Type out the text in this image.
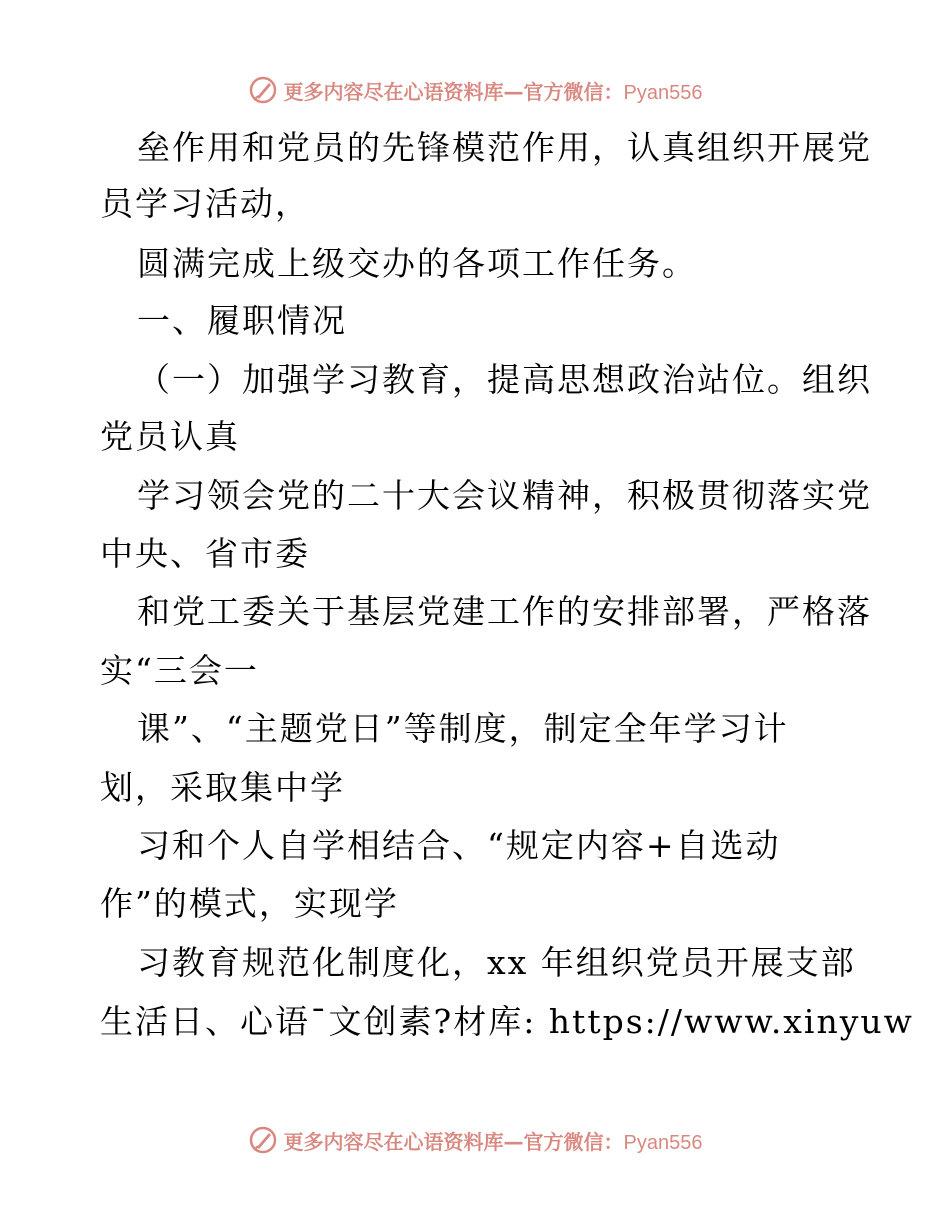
更多内容尽在心语资料库—官方微信：Pyan556
垒作用和党员的先锋模范作用，认真组织开展党
员学习活动，
圆满完成上级交办的各项工作任务。
一、履职情况
（一）加强学习教育，提高思想政治站位。组织
党员认真
学习领会党的二十大会议精神，积极贯彻落实党
中央、省市委
和党工委关于基层党建工作的安排部署，严格落
实“三会一
课”、“主题党日”等制度，制定全年学习计
划，采取集中学
习和个人自学相结合、“规定内容+自选动
作”的模式，实现学
习教育规范化制度化，xx 年组织党员开展支部
生活日、心语¯文创素?材库: https://www.xinyuw
更多内容尽在心语资料库—官方微信：Pyan556
